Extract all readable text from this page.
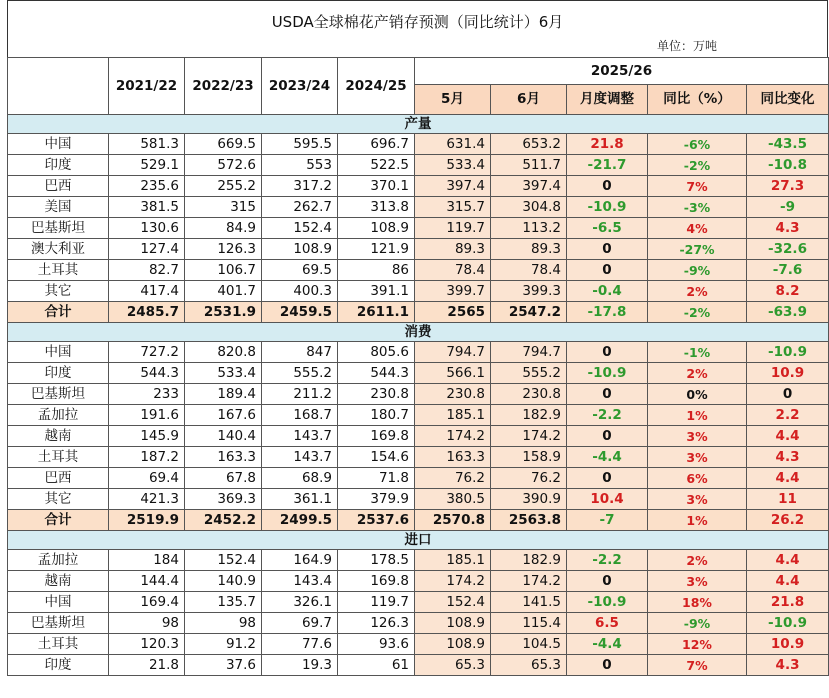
USDA全球棉花产销存预测（同比统计）6月
单位：万吨
	2021/22	2022/23	2023/24	2024/25	2025/26				
					5月	6月	月度调整	同比（%）	同比变化
产量									
中国	581.3	669.5	595.5	696.7	631.4	653.2	21.8	-6%	-43.5
印度	529.1	572.6	553	522.5	533.4	511.7	-21.7	-2%	-10.8
巴西	235.6	255.2	317.2	370.1	397.4	397.4	0	7%	27.3
美国	381.5	315	262.7	313.8	315.7	304.8	-10.9	-3%	-9
巴基斯坦	130.6	84.9	152.4	108.9	119.7	113.2	-6.5	4%	4.3
澳大利亚	127.4	126.3	108.9	121.9	89.3	89.3	0	-27%	-32.6
土耳其	82.7	106.7	69.5	86	78.4	78.4	0	-9%	-7.6
其它	417.4	401.7	400.3	391.1	399.7	399.3	-0.4	2%	8.2
合计	2485.7	2531.9	2459.5	2611.1	2565	2547.2	-17.8	-2%	-63.9
消费									
中国	727.2	820.8	847	805.6	794.7	794.7	0	-1%	-10.9
印度	544.3	533.4	555.2	544.3	566.1	555.2	-10.9	2%	10.9
巴基斯坦	233	189.4	211.2	230.8	230.8	230.8	0	0%	0
孟加拉	191.6	167.6	168.7	180.7	185.1	182.9	-2.2	1%	2.2
越南	145.9	140.4	143.7	169.8	174.2	174.2	0	3%	4.4
土耳其	187.2	163.3	143.7	154.6	163.3	158.9	-4.4	3%	4.3
巴西	69.4	67.8	68.9	71.8	76.2	76.2	0	6%	4.4
其它	421.3	369.3	361.1	379.9	380.5	390.9	10.4	3%	11
合计	2519.9	2452.2	2499.5	2537.6	2570.8	2563.8	-7	1%	26.2
进口									
孟加拉	184	152.4	164.9	178.5	185.1	182.9	-2.2	2%	4.4
越南	144.4	140.9	143.4	169.8	174.2	174.2	0	3%	4.4
中国	169.4	135.7	326.1	119.7	152.4	141.5	-10.9	18%	21.8
巴基斯坦	98	98	69.7	126.3	108.9	115.4	6.5	-9%	-10.9
土耳其	120.3	91.2	77.6	93.6	108.9	104.5	-4.4	12%	10.9
印度	21.8	37.6	19.3	61	65.3	65.3	0	7%	4.3
